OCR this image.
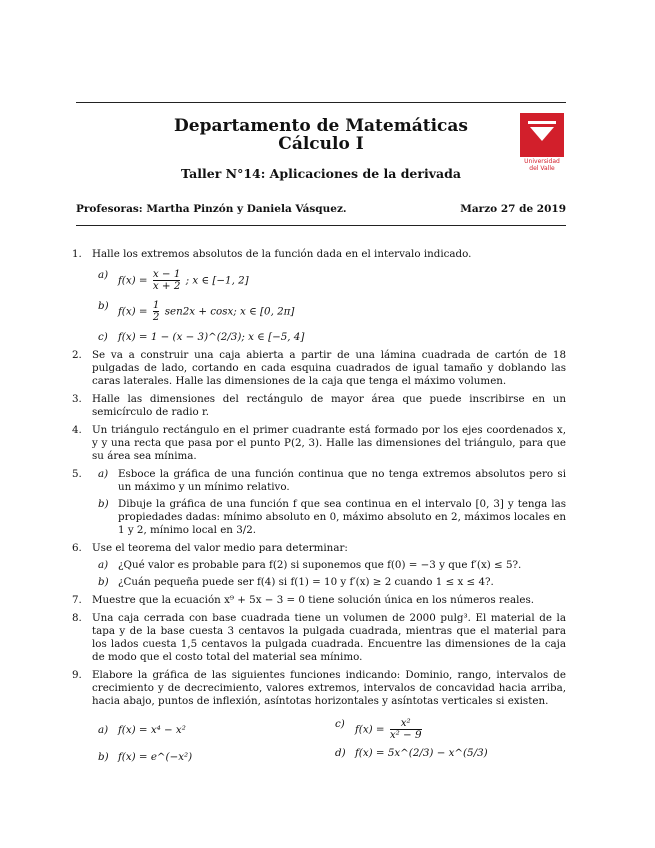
Departamento de Matemáticas
Cálculo I
Taller N°14: Aplicaciones de la derivada
Universidad
del Valle
Profesoras: Martha Pinzón y Daniela Vásquez.	Marzo 27 de 2019
1. Halle los extremos absolutos de la función dada en el intervalo indicado.
a) $f(x) = \frac{x - 1}{x + 2}$ ; x ∈ [−1, 2]
b) $f(x) = \frac{1}{2} sen2x + \cos x$; x ∈ [0, 2π]
c) f(x) = 1 − (x − 3)^(2/3); x ∈ [−5, 4]
2. Se va a construir una caja abierta a partir de una lámina cuadrada de cartón de 18 pulgadas de lado, cortando en cada esquina cuadrados de igual tamaño y doblando las caras laterales. Halle las dimensiones de la caja que tenga el máximo volumen.
3. Halle las dimensiones del rectángulo de mayor área que puede inscribirse en un semicírculo de radio r.
4. Un triángulo rectángulo en el primer cuadrante está formado por los ejes coordenados x, y y una recta que pasa por el punto P(2, 3). Halle las dimensiones del triángulo, para que su área sea mínima.
5. a) Esboce la gráfica de una función continua que no tenga extremos absolutos pero si un máximo y un mínimo relativo.
b) Dibuje la gráfica de una función f que sea continua en el intervalo [0, 3] y tenga las propiedades dadas: mínimo absoluto en 0, máximo absoluto en 2, máximos locales en 1 y 2, mínimo local en 3/2.
6. Use el teorema del valor medio para determinar:
a) ¿Qué valor es probable para f(2) si suponemos que f(0) = −3 y que f′(x) ≤ 5?.
b) ¿Cuán pequeña puede ser f(4) si f(1) = 10 y f′(x) ≥ 2 cuando 1 ≤ x ≤ 4?.
7. Muestre que la ecuación x⁹ + 5x − 3 = 0 tiene solución única en los números reales.
8. Una caja cerrada con base cuadrada tiene un volumen de 2000 pulg³. El material de la tapa y de la base cuesta 3 centavos la pulgada cuadrada, mientras que el material para los lados cuesta 1,5 centavos la pulgada cuadrada. Encuentre las dimensiones de la caja de modo que el costo total del material sea mínimo.
9. Elabore la gráfica de las siguientes funciones indicando: Dominio, rango, intervalos de crecimiento y de decrecimiento, valores extremos, intervalos de concavidad hacia arriba, hacia abajo, puntos de inflexión, asíntotas horizontales y asíntotas verticales si existen.
a) f(x) = x⁴ − x²
b) f(x) = e^(−x²)
c) $f(x) = \frac{\text{x²}}{\text{x² − 9}}$
d) f(x) = 5x^(2/3) − x^(5/3)
